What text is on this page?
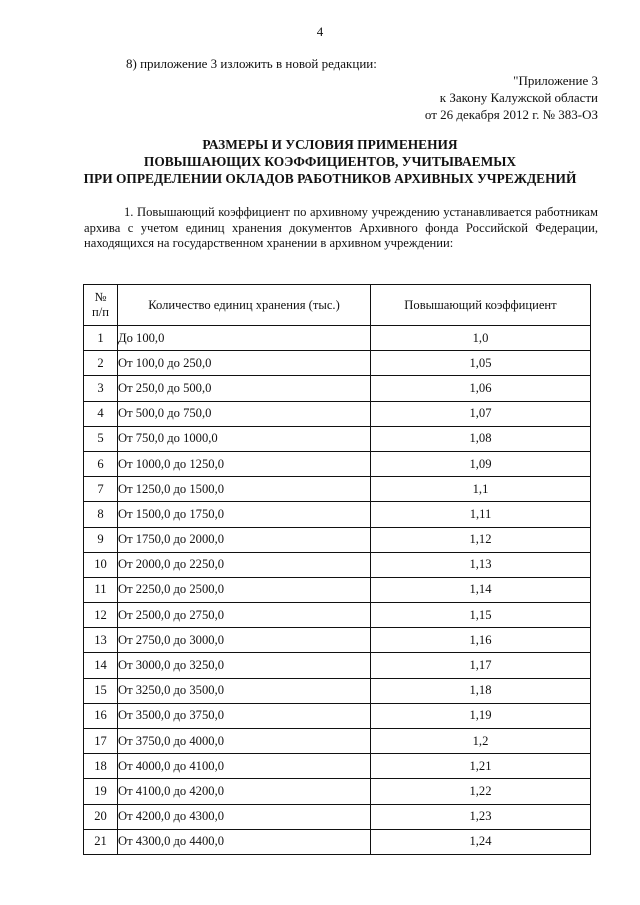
4
8) приложение 3 изложить в новой редакции:
"Приложение 3
к Закону Калужской области
от 26 декабря 2012 г. № 383-ОЗ
РАЗМЕРЫ И УСЛОВИЯ ПРИМЕНЕНИЯ
ПОВЫШАЮЩИХ КОЭФФИЦИЕНТОВ, УЧИТЫВАЕМЫХ
ПРИ ОПРЕДЕЛЕНИИ ОКЛАДОВ РАБОТНИКОВ АРХИВНЫХ УЧРЕЖДЕНИЙ
1. Повышающий коэффициент по архивному учреждению устанавливается работникам архива с учетом единиц хранения документов Архивного фонда Российской Федерации, находящихся на государственном хранении в архивном учреждении:
№
п/п	Количество единиц хранения (тыс.)	Повышающий коэффициент
1	До 100,0	1,0
2	От 100,0 до 250,0	1,05
3	От 250,0 до 500,0	1,06
4	От 500,0 до 750,0	1,07
5	От 750,0 до 1000,0	1,08
6	От 1000,0 до 1250,0	1,09
7	От 1250,0 до 1500,0	1,1
8	От 1500,0 до 1750,0	1,11
9	От 1750,0 до 2000,0	1,12
10	От 2000,0 до 2250,0	1,13
11	От 2250,0 до 2500,0	1,14
12	От 2500,0 до 2750,0	1,15
13	От 2750,0 до 3000,0	1,16
14	От 3000,0 до 3250,0	1,17
15	От 3250,0 до 3500,0	1,18
16	От 3500,0 до 3750,0	1,19
17	От 3750,0 до 4000,0	1,2
18	От 4000,0 до 4100,0	1,21
19	От 4100,0 до 4200,0	1,22
20	От 4200,0 до 4300,0	1,23
21	От 4300,0 до 4400,0	1,24
